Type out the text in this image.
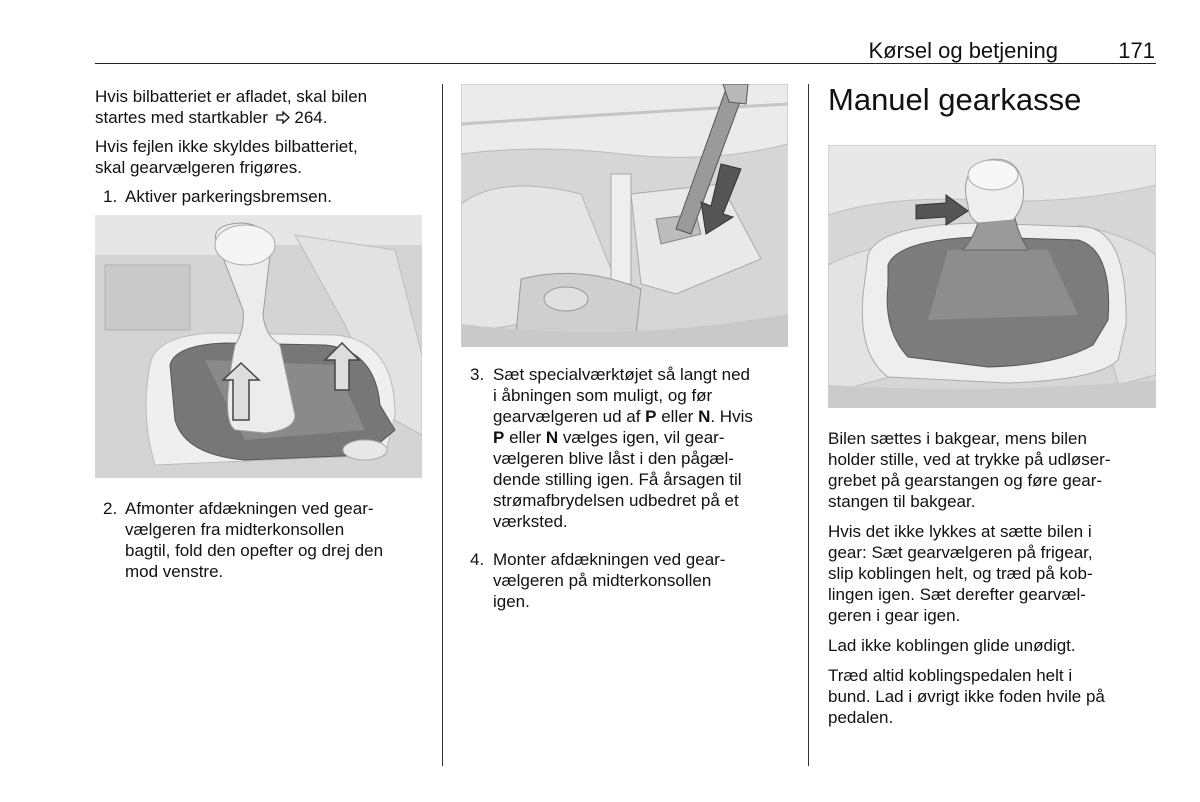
Kørsel og betjening	171

Hvis bilbatteriet er afladet, skal bilen
startes med startkabler 264.

Hvis fejlen ikke skyldes bilbatteriet,
skal gearvælgeren frigøres.

1. Aktiver parkeringsbremsen.
2. Afmonter afdækningen ved gear-
vælgeren fra midterkonsollen
bagtil, fold den opefter og drej den
mod venstre.
3. Sæt specialværktøjet så langt ned
i åbningen som muligt, og før
gearvælgeren ud af P eller N. Hvis
P eller N vælges igen, vil gear-
vælgeren blive låst i den pågæl-
dende stilling igen. Få årsagen til
strømafbrydelsen udbedret på et
værksted.
4. Monter afdækningen ved gear-
vælgeren på midterkonsollen
igen.
Manuel gearkasse

Bilen sættes i bakgear, mens bilen
holder stille, ved at trykke på udløser-
grebet på gearstangen og føre gear-
stangen til bakgear.

Hvis det ikke lykkes at sætte bilen i
gear: Sæt gearvælgeren på frigear,
slip koblingen helt, og træd på kob-
lingen igen. Sæt derefter gearvæl-
geren i gear igen.

Lad ikke koblingen glide unødigt.

Træd altid koblingspedalen helt i
bund. Lad i øvrigt ikke foden hvile på
pedalen.
